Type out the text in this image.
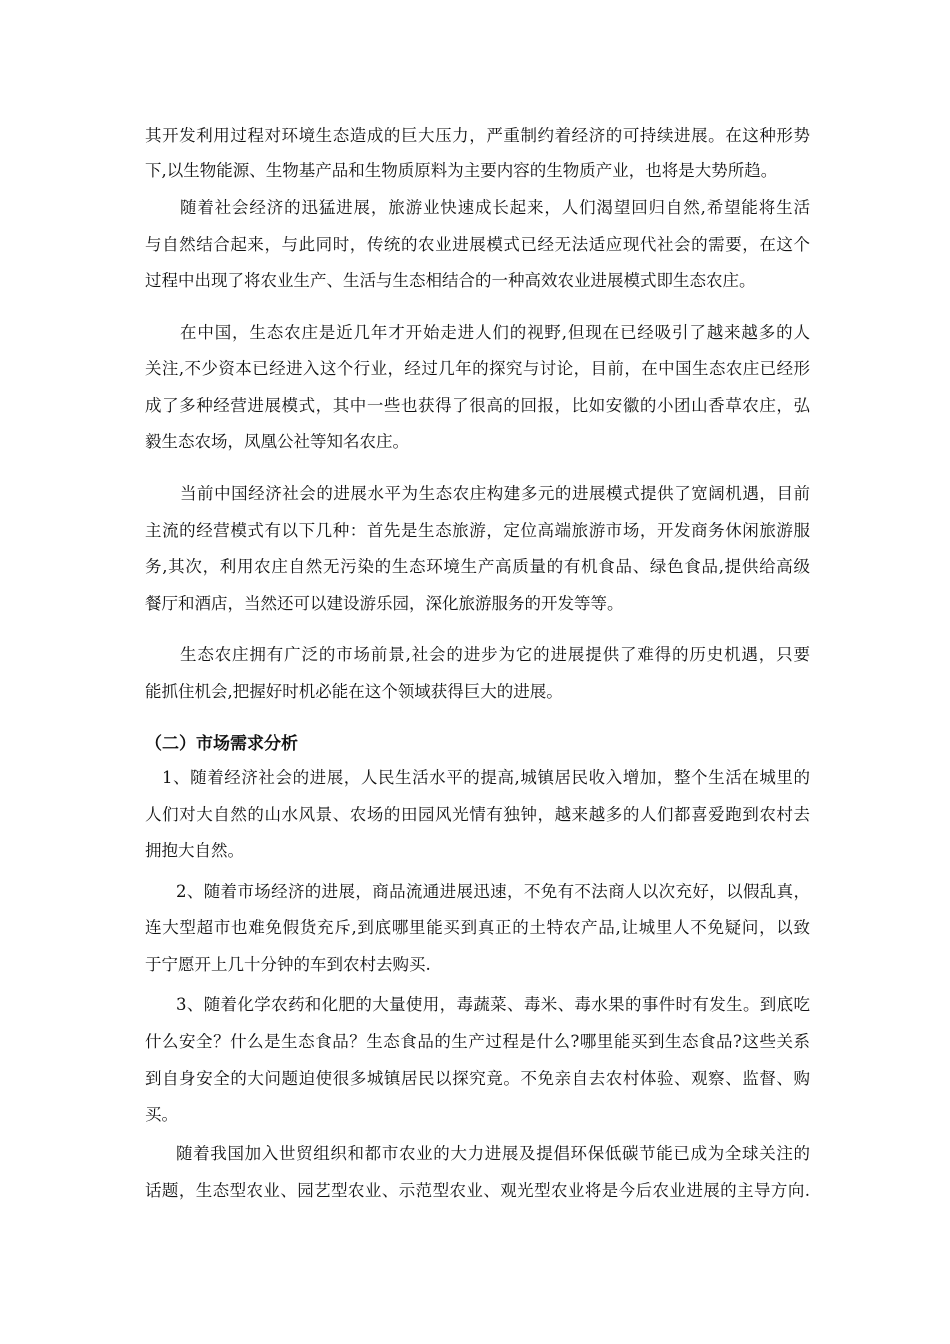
其开发利用过程对环境生态造成的巨大压力，严重制约着经济的可持续进展。在这种形势
下,以生物能源、生物基产品和生物质原料为主要内容的生物质产业，也将是大势所趋。
随着社会经济的迅猛进展，旅游业快速成长起来，人们渴望回归自然,希望能将生活
与自然结合起来，与此同时，传统的农业进展模式已经无法适应现代社会的需要，在这个
过程中出现了将农业生产、生活与生态相结合的一种高效农业进展模式即生态农庄。
在中国，生态农庄是近几年才开始走进人们的视野,但现在已经吸引了越来越多的人
关注,不少资本已经进入这个行业，经过几年的探究与讨论，目前，在中国生态农庄已经形
成了多种经营进展模式，其中一些也获得了很高的回报，比如安徽的小团山香草农庄，弘
毅生态农场，凤凰公社等知名农庄。
当前中国经济社会的进展水平为生态农庄构建多元的进展模式提供了宽阔机遇，目前
主流的经营模式有以下几种：首先是生态旅游，定位高端旅游市场，开发商务休闲旅游服
务,其次，利用农庄自然无污染的生态环境生产高质量的有机食品、绿色食品,提供给高级
餐厅和酒店，当然还可以建设游乐园，深化旅游服务的开发等等。
生态农庄拥有广泛的市场前景,社会的进步为它的进展提供了难得的历史机遇，只要
能抓住机会,把握好时机必能在这个领域获得巨大的进展。
（二）市场需求分析
1、随着经济社会的进展，人民生活水平的提高,城镇居民收入增加，整个生活在城里的
人们对大自然的山水风景、农场的田园风光情有独钟，越来越多的人们都喜爱跑到农村去
拥抱大自然。
2、随着市场经济的进展，商品流通进展迅速，不免有不法商人以次充好，以假乱真，
连大型超市也难免假货充斥,到底哪里能买到真正的土特农产品,让城里人不免疑问，以致
于宁愿开上几十分钟的车到农村去购买.
3、随着化学农药和化肥的大量使用，毒蔬菜、毒米、毒水果的事件时有发生。到底吃
什么安全？什么是生态食品？生态食品的生产过程是什么?哪里能买到生态食品?这些关系
到自身安全的大问题迫使很多城镇居民以探究竟。不免亲自去农村体验、观察、监督、购
买。
随着我国加入世贸组织和都市农业的大力进展及提倡环保低碳节能已成为全球关注的
话题，生态型农业、园艺型农业、示范型农业、观光型农业将是今后农业进展的主导方向.
